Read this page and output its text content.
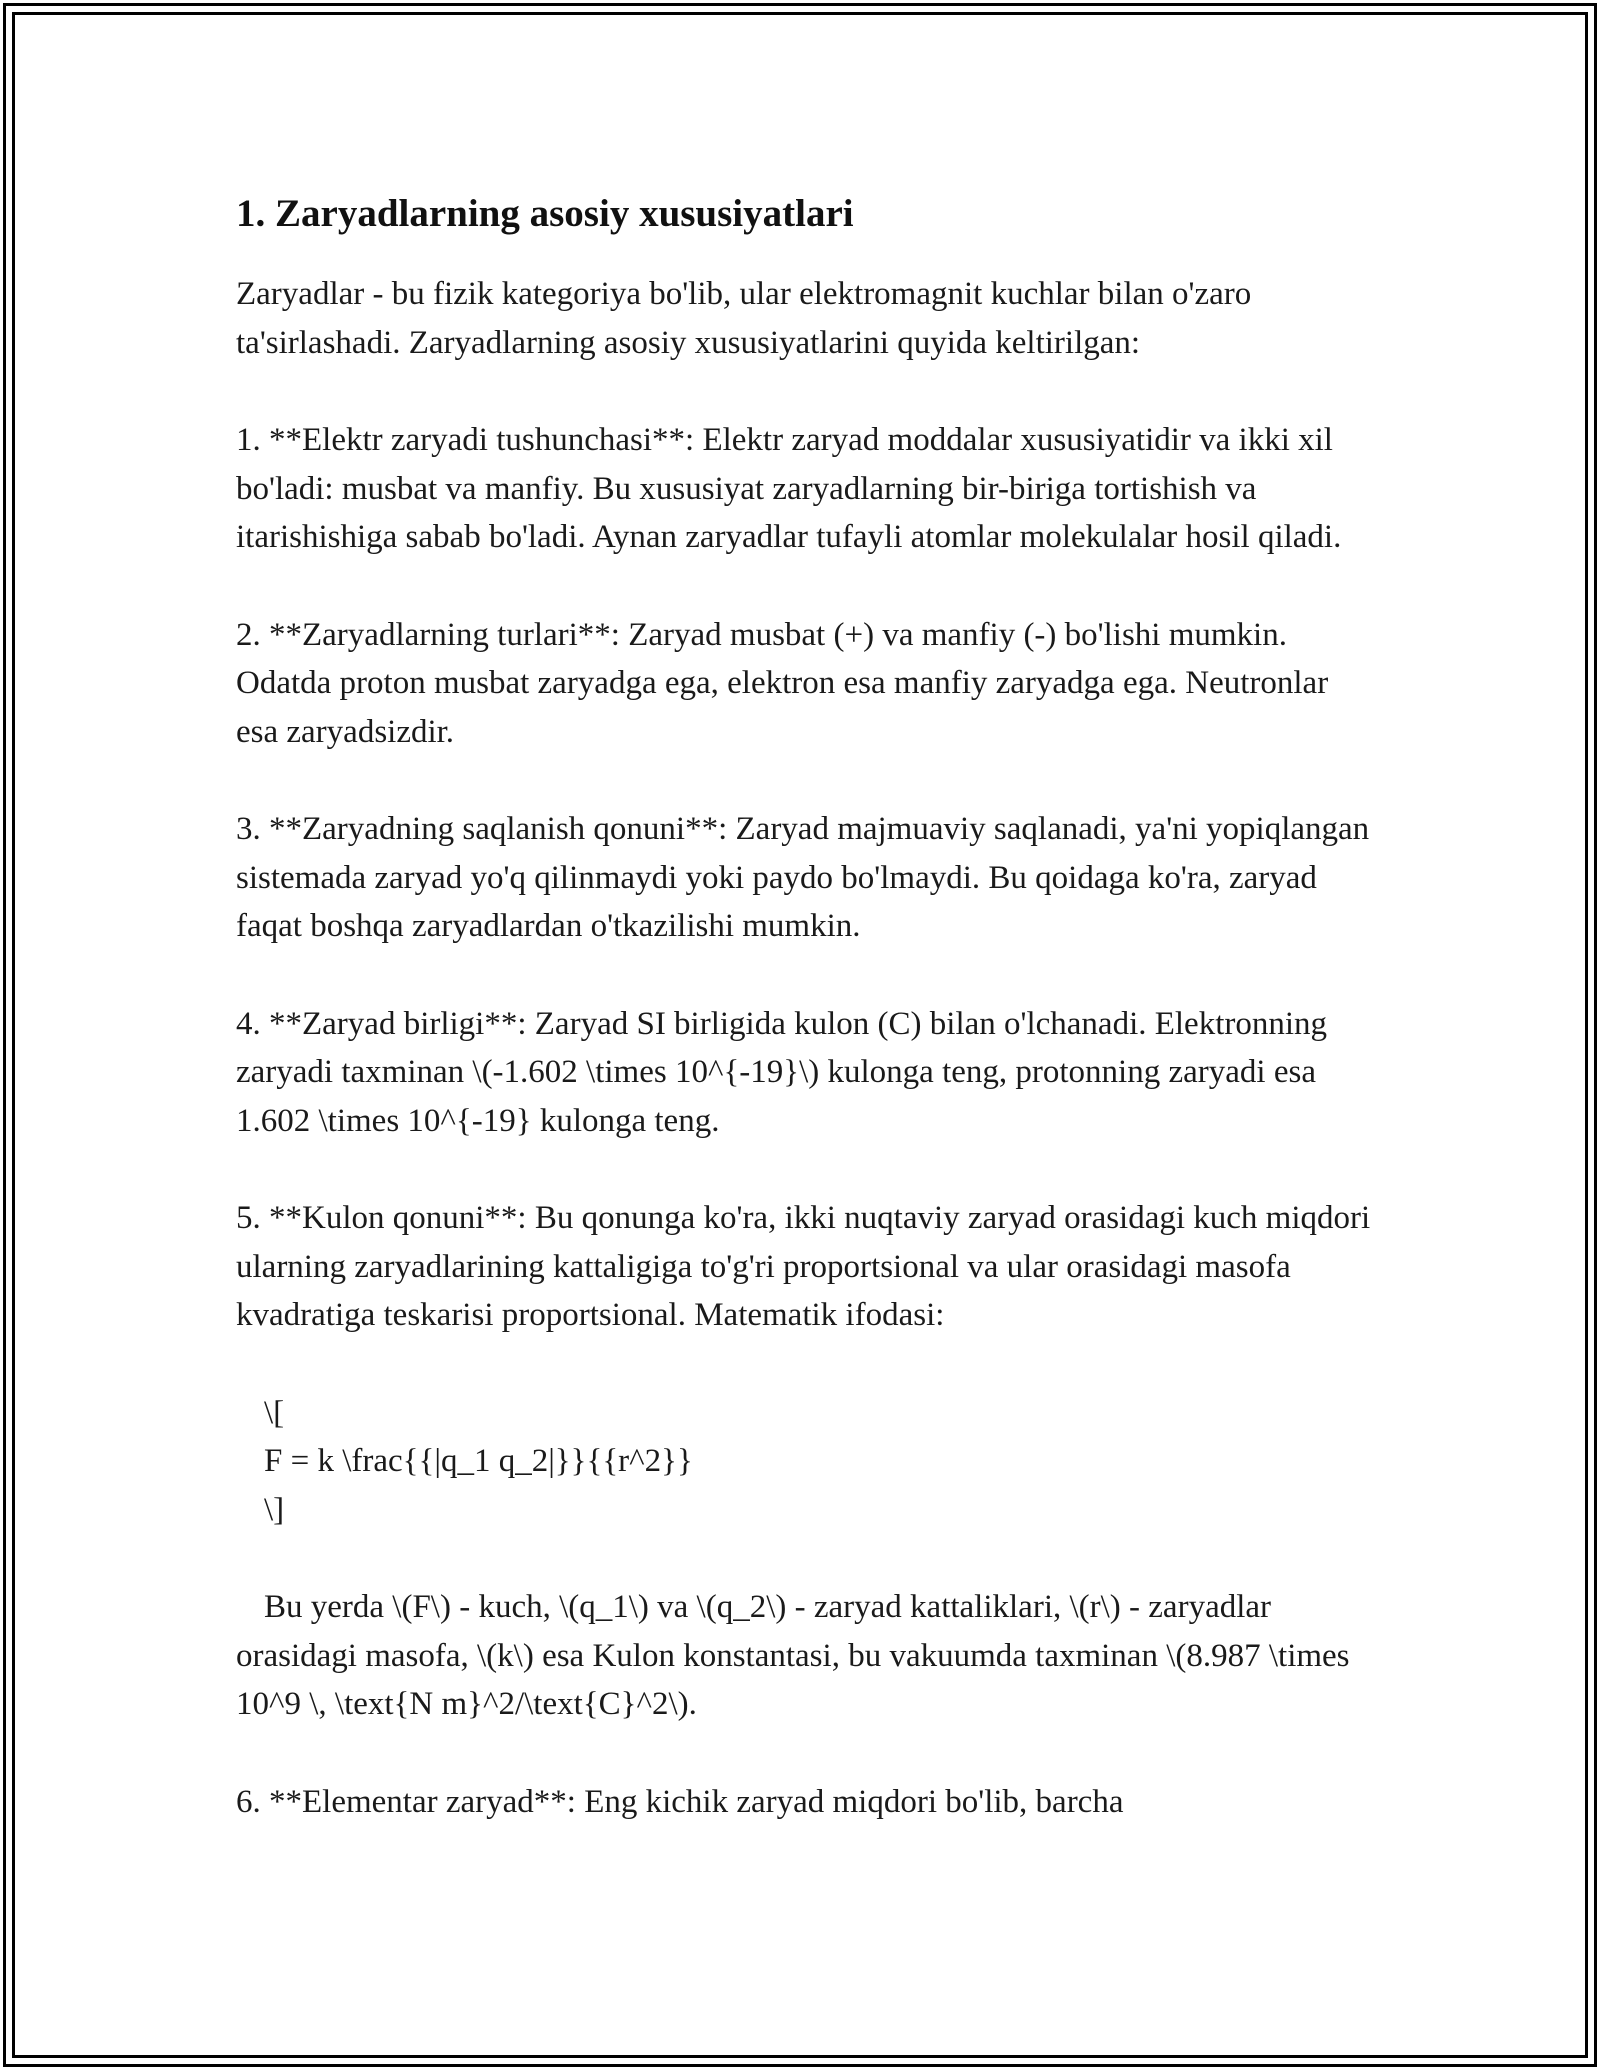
1. Zaryadlarning asosiy xususiyatlari

Zaryadlar - bu fizik kategoriya bo'lib, ular elektromagnit kuchlar bilan o'zaro ta'sirlashadi. Zaryadlarning asosiy xususiyatlarini quyida keltirilgan:

1. **Elektr zaryadi tushunchasi**: Elektr zaryad moddalar xususiyatidir va ikki xil bo'ladi: musbat va manfiy. Bu xususiyat zaryadlarning bir-biriga tortishish va itarishishiga sabab bo'ladi. Aynan zaryadlar tufayli atomlar molekulalar hosil qiladi.

2. **Zaryadlarning turlari**: Zaryad musbat (+) va manfiy (-) bo'lishi mumkin. Odatda proton musbat zaryadga ega, elektron esa manfiy zaryadga ega. Neutronlar esa zaryadsizdir.

3. **Zaryadning saqlanish qonuni**: Zaryad majmuaviy saqlanadi, ya'ni yopiqlangan sistemada zaryad yo'q qilinmaydi yoki paydo bo'lmaydi. Bu qoidaga ko'ra, zaryad faqat boshqa zaryadlardan o'tkazilishi mumkin.

4. **Zaryad birligi**: Zaryad SI birligida kulon (C) bilan o'lchanadi. Elektronning zaryadi taxminan \(-1.602 \times 10^{-19}\) kulonga teng, protonning zaryadi esa 1.602 \times 10^{-19} kulonga teng.

5. **Kulon qonuni**: Bu qonunga ko'ra, ikki nuqtaviy zaryad orasidagi kuch miqdori ularning zaryadlarining kattaligiga to'g'ri proportsional va ular orasidagi masofa kvadratiga teskarisi proportsional. Matematik ifodasi:

\[
F = k \frac{{|q_1 q_2|}}{{r^2}}
\]

Bu yerda \(F\) - kuch, \(q_1\) va \(q_2\) - zaryad kattaliklari, \(r\) - zaryadlar orasidagi masofa, \(k\) esa Kulon konstantasi, bu vakuumda taxminan \(8.987 \times 10^9 \, \text{N m}^2/\text{C}^2\).

6. **Elementar zaryad**: Eng kichik zaryad miqdori bo'lib, barcha
